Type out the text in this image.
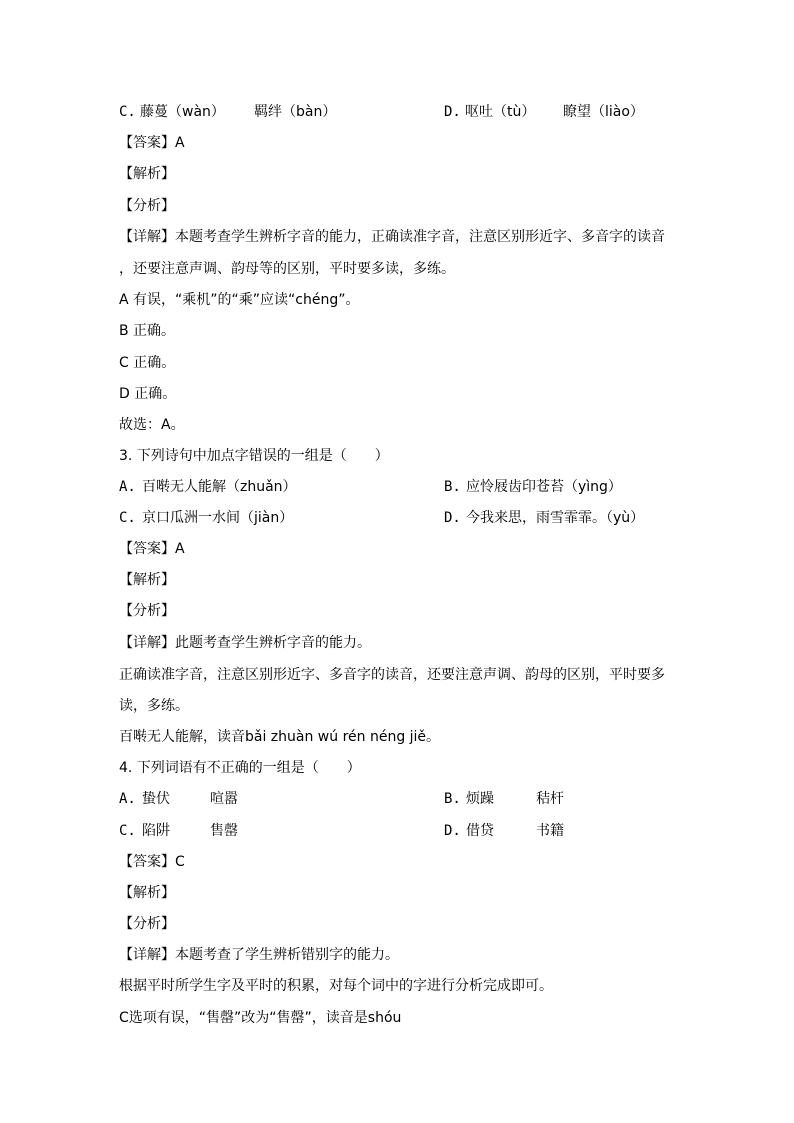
C. 藤蔓（wàn） 羁绊（bàn）	D. 呕吐（tù） 瞭望（liào）
【答案】A
【解析】
【分析】
【详解】本题考查学生辨析字音的能力，正确读准字音，注意区别形近字、多音字的读音
，还要注意声调、韵母等的区别，平时要多读，多练。
A 有误，“乘机”的“乘”应读“chéng”。
B 正确。
C 正确。
D 正确。
故选：A。
3. 下列诗句中加点字错误的一组是（　　）
A. 百啭无人能解（zhuǎn）	B. 应怜屐齿印苍苔（yìng）
C. 京口瓜洲一水间（jiàn）	D. 今我来思，雨雪霏霏。（yù）
【答案】A
【解析】
【分析】
【详解】此题考查学生辨析字音的能力。
正确读准字音，注意区别形近字、多音字的读音，还要注意声调、韵母的区别，平时要多
读，多练。
百啭无人能解，读音bǎi zhuàn wú rén néng jiě。
4. 下列词语有不正确的一组是（　　）
A. 蛰伏	喧嚣	B. 烦躁	秸杆
C. 陷阱	售罄	D. 借贷	书籍
【答案】C
【解析】
【分析】
【详解】本题考查了学生辨析错别字的能力。
根据平时所学生字及平时的积累，对每个词中的字进行分析完成即可。
C选项有误，“售罄”改为“售罄”，读音是shóu
